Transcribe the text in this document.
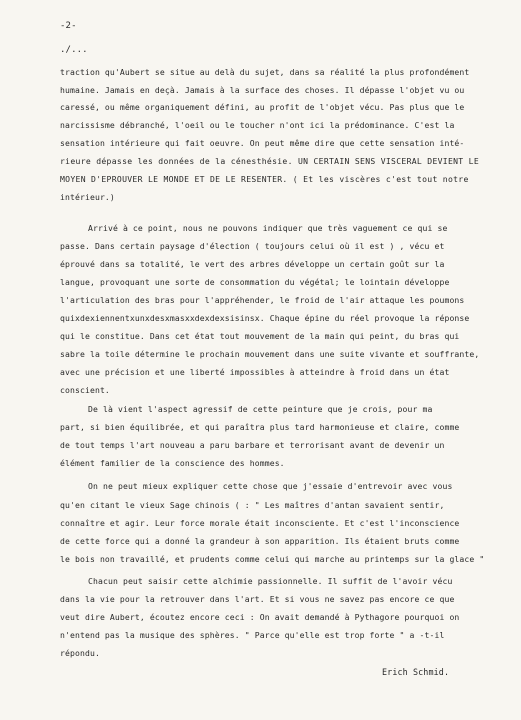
-2-
./...
traction qu'Aubert se situe au delà du sujet, dans sa réalité la plus profondément
humaine. Jamais en deçà. Jamais à la surface des choses. Il dépasse l'objet vu ou
caressé, ou même organiquement défini, au profit de l'objet vécu. Pas plus que le
narcissisme débranché, l'oeil ou le toucher n'ont ici la prédominance. C'est la
sensation intérieure qui fait oeuvre. On peut même dire que cette sensation inté-
rieure dépasse les données de la cénesthésie. UN CERTAIN SENS VISCERAL DEVIENT LE
MOYEN D'EPROUVER LE MONDE ET DE LE RESENTER. ( Et les viscères c'est tout notre
intérieur.)
Arrivé à ce point, nous ne pouvons indiquer que très vaguement ce qui se
passe. Dans certain paysage d'élection ( toujours celui où il est ) , vécu et
éprouvé dans sa totalité, le vert des arbres développe un certain goût sur la
langue, provoquant une sorte de consommation du végétal; le lointain développe
l'articulation des bras pour l'appréhender, le froid de l'air attaque les poumons
quixdexiennentxunxdesxmasxxdexdexsisinsx. Chaque épine du réel provoque la réponse
qui le constitue. Dans cet état tout mouvement de la main qui peint, du bras qui
sabre la toile détermine le prochain mouvement dans une suite vivante et souffrante,
avec une précision et une liberté impossibles à atteindre à froid dans un état
conscient.
De là vient l'aspect agressif de cette peinture que je crois, pour ma
part, si bien équilibrée, et qui paraîtra plus tard harmonieuse et claire, comme
de tout temps l'art nouveau a paru barbare et terrorisant avant de devenir un
élément familier de la conscience des hommes.
On ne peut mieux expliquer cette chose que j'essaie d'entrevoir avec vous
qu'en citant le vieux Sage chinois ( : " Les maîtres d'antan savaient sentir,
connaître et agir. Leur force morale était inconsciente. Et c'est l'inconscience
de cette force qui a donné la grandeur à son apparition. Ils étaient bruts comme
le bois non travaillé, et prudents comme celui qui marche au printemps sur la glace "
Chacun peut saisir cette alchimie passionnelle. Il suffit de l'avoir vécu
dans la vie pour la retrouver dans l'art. Et si vous ne savez pas encore ce que
veut dire Aubert, écoutez encore ceci : On avait demandé à Pythagore pourquoi on
n'entend pas la musique des sphères. " Parce qu'elle est trop forte " a -t-il
répondu.
Erich Schmid.
